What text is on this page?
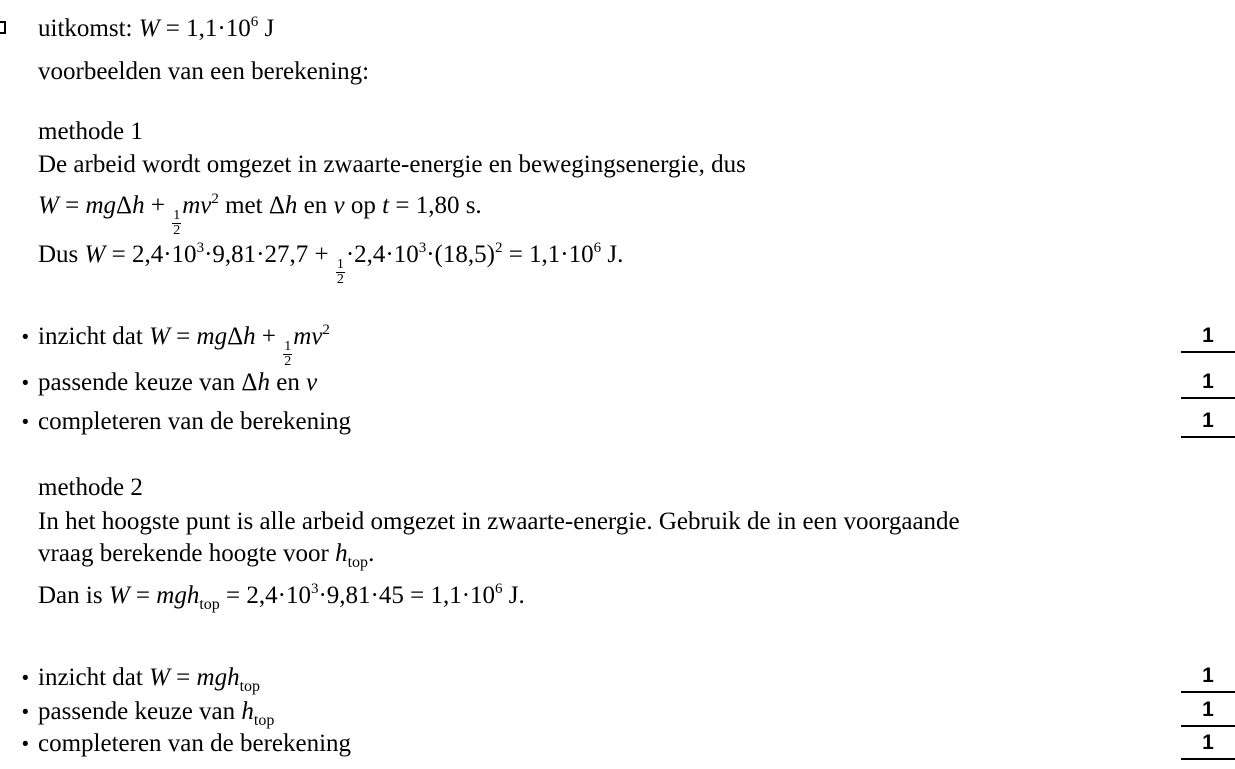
uitkomst: $W = 1,1\cdot 10^6$ J
voorbeelden van een berekening:
methode 1
De arbeid wordt omgezet in zwaarte-energie en bewegingsenergie, dus
W = mgΔh +
$\frac{1}{2}$
$mv^2$ met Δh en v op t = 1,80 s.
Dus $W = 2,4\cdot 10^3\cdot 9,81\cdot 27,7$ +
$\frac{1}{2}$
$\cdot 2,4\cdot 10^3\cdot(18,5)^2 = 1,1\cdot 10^6$ J.
• inzicht dat W = mgΔh +
$\frac{1}{2}$
$mv^2$	1
• passende keuze van Δh en v	1
• completeren van de berekening	1
methode 2
In het hoogste punt is alle arbeid omgezet in zwaarte-energie. Gebruik de in een voorgaande
vraag berekende hoogte voor $h_{top}$.
Dan is $W = mgh_{top} = 2,4\cdot 10^3\cdot 9,81\cdot 45 = 1,1\cdot 10^6$ J.
• inzicht dat W = mgh$_{top}$	1
• passende keuze van $h_{top}$	1
• completeren van de berekening	1
